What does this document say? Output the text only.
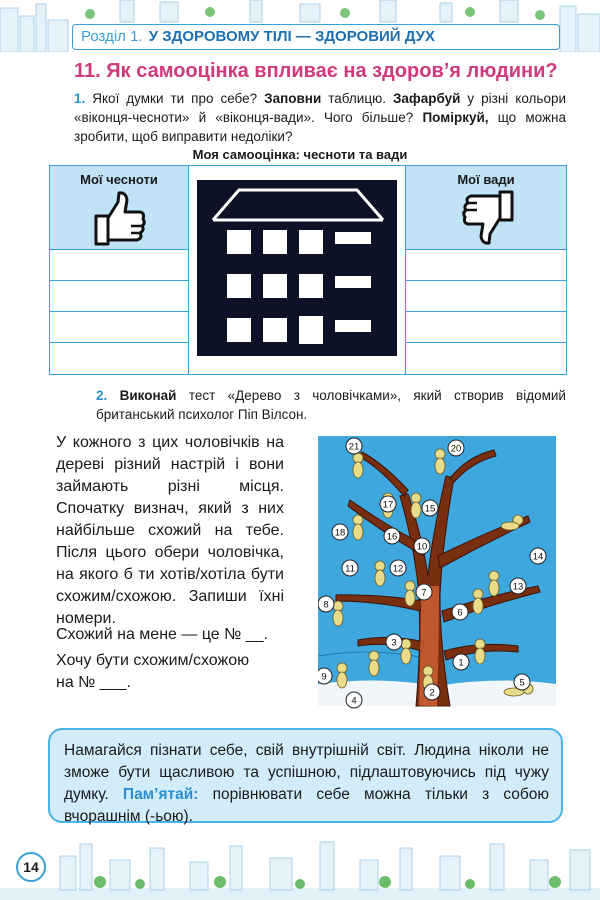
Розділ 1. У ЗДОРОВОМУ ТІЛІ — ЗДОРОВИЙ ДУХ
11. Як самооцінка впливає на здоров’я людини?
1. Якої думки ти про себе? Заповни таблицю. Зафарбуй у різні кольори «віконця-чесноти» й «віконця-вади». Чого більше? Поміркуй, що можна зробити, щоб виправити недоліки?
Моя самооцінка: чесноти та вади
Мої чесноти	Мої вади
2. Виконай тест «Дерево з чоловічками», який створив відомий британський психолог Піп Вілсон.

У кожного з цих чоловічків на дереві різний настрій і вони займають різні місця. Спочатку визнач, який з них найбільше схожий на тебе. Після цього обери чоловічка, на якого б ти хотів/хотіла бути схожим/схожою. Запиши їхні номери.

Схожий на мене — це № __.
Хочу бути схожим/схожою
на № ___.
21	20
17	15
18	16
10
14
11	12
13
7
8
6
3
1
9
5
4
2
Намагайся пізнати себе, свій внутрішній світ. Людина ніколи не зможе бути щасливою та успішною, підлаштовуючись під чужу думку. Пам’ятай: порівнювати себе можна тільки з собою вчорашнім (-ьою).
14
